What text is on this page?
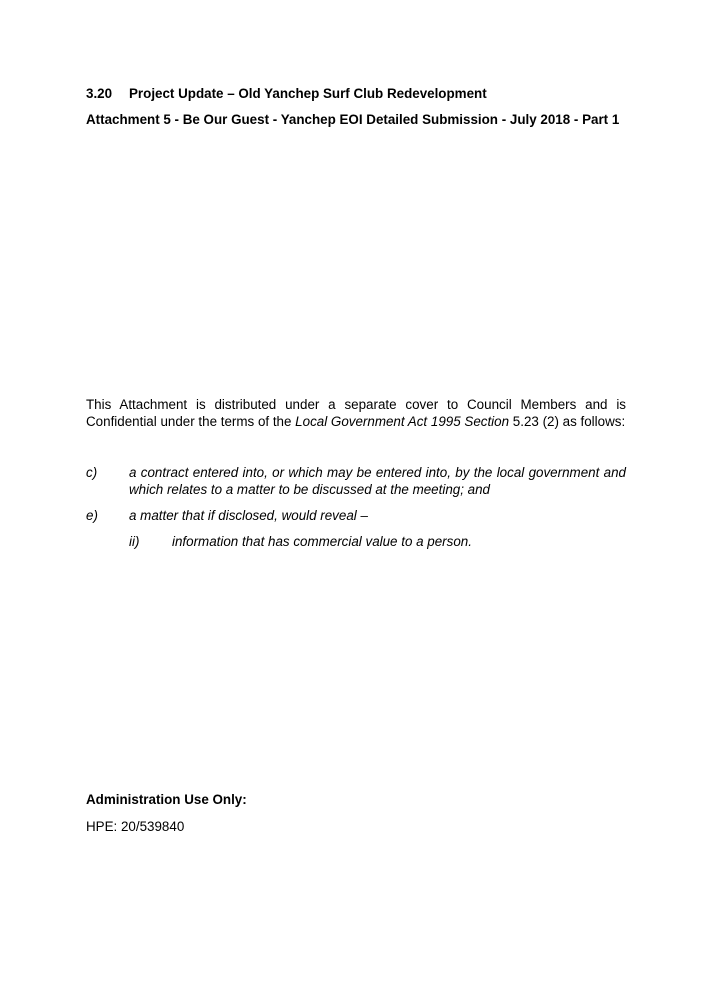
3.20 Project Update – Old Yanchep Surf Club Redevelopment
Attachment 5 - Be Our Guest - Yanchep EOI Detailed Submission - July 2018 - Part 1
This Attachment is distributed under a separate cover to Council Members and is
Confidential under the terms of the Local Government Act 1995 Section 5.23 (2) as follows:
c) a contract entered into, or which may be entered into, by the local government and
which relates to a matter to be discussed at the meeting; and
e) a matter that if disclosed, would reveal –
ii) information that has commercial value to a person.
Administration Use Only:
HPE: 20/539840
